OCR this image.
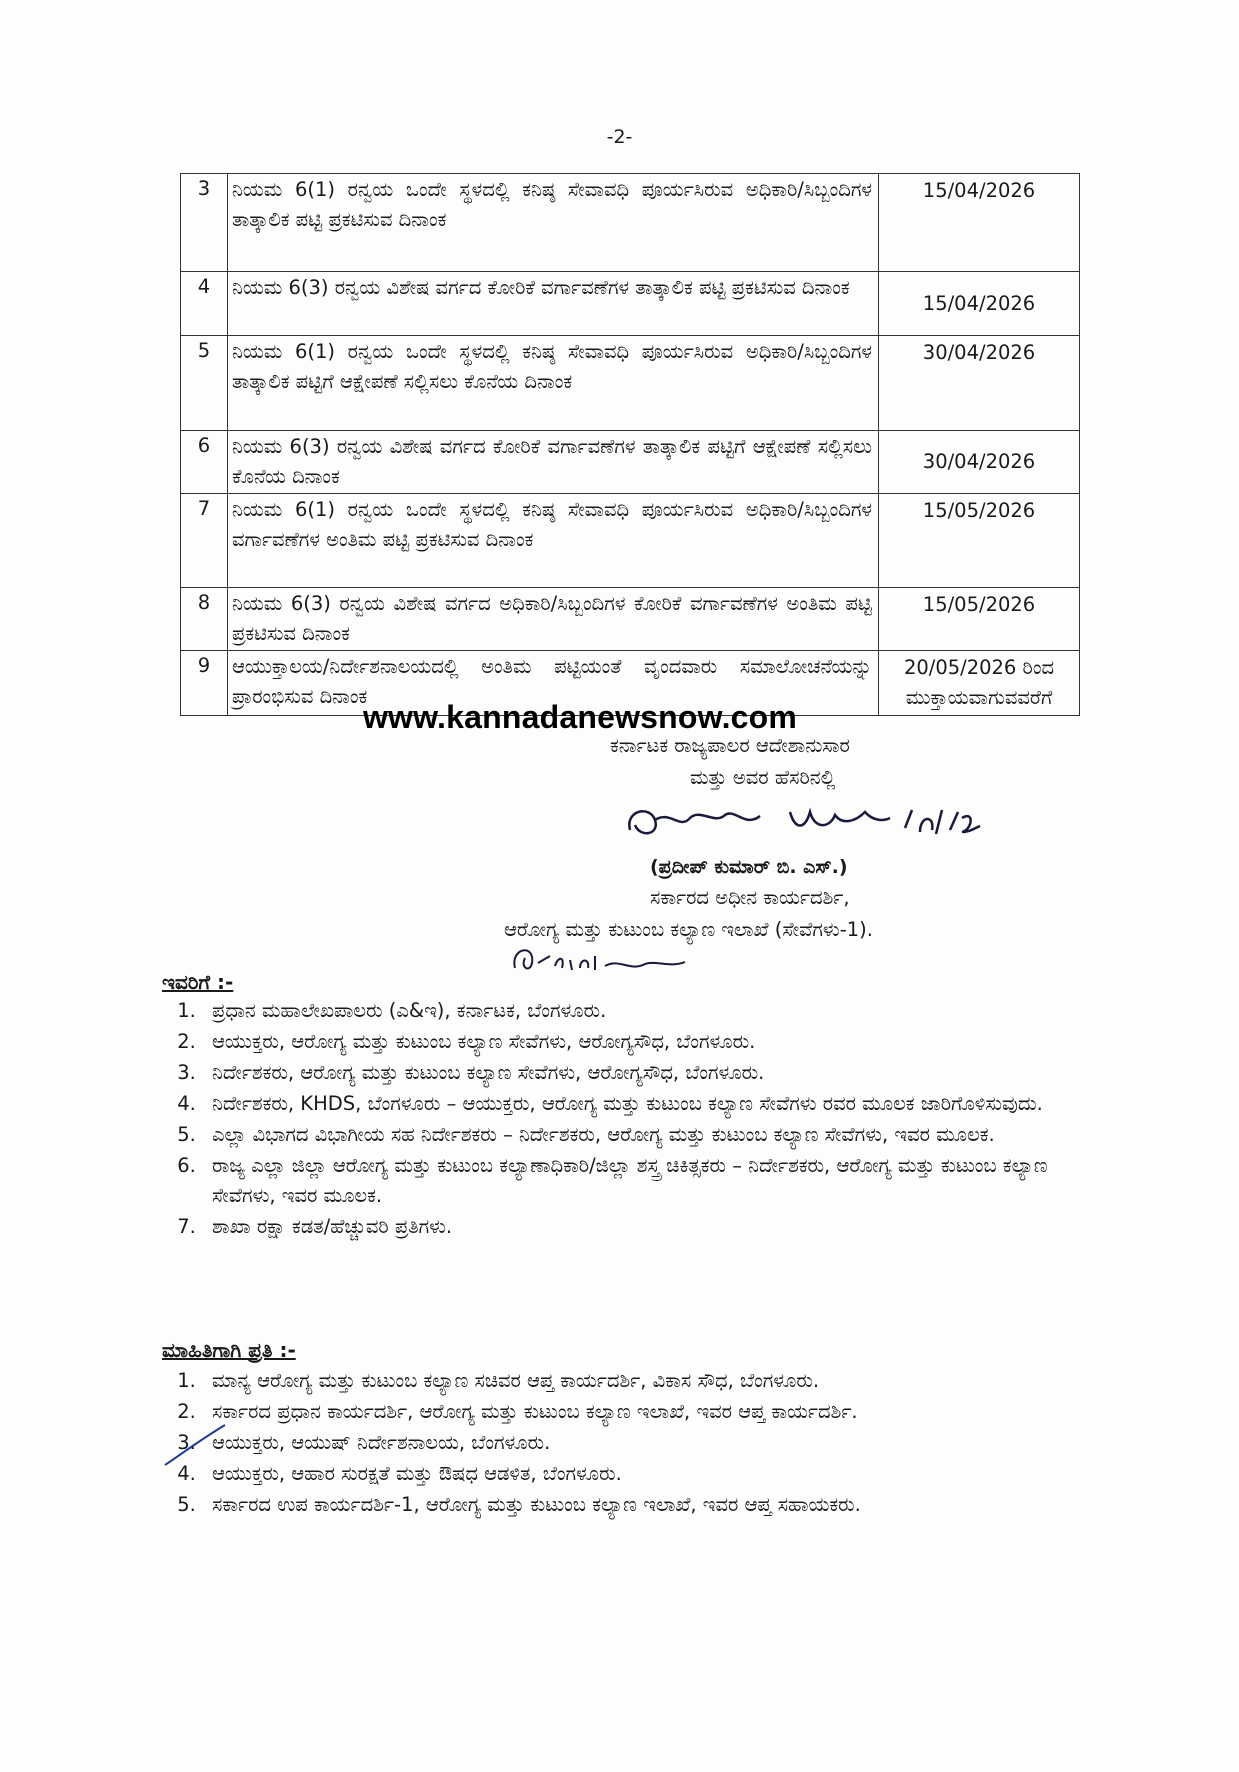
-2-
3	ನಿಯಮ 6(1) ರನ್ವಯ ಒಂದೇ ಸ್ಥಳದಲ್ಲಿ ಕನಿಷ್ಠ ಸೇವಾವಧಿ ಪೂರ್ಯಸಿರುವ ಅಧಿಕಾರಿ/ಸಿಬ್ಬಂದಿಗಳ ತಾತ್ಕಾಲಿಕ ಪಟ್ಟಿ ಪ್ರಕಟಿಸುವ ದಿನಾಂಕ	15/04/2026
4	ನಿಯಮ 6(3) ರನ್ವಯ ವಿಶೇಷ ವರ್ಗದ ಕೋರಿಕೆ ವರ್ಗಾವಣೆಗಳ ತಾತ್ಕಾಲಿಕ ಪಟ್ಟಿ ಪ್ರಕಟಿಸುವ ದಿನಾಂಕ	15/04/2026
5	ನಿಯಮ 6(1) ರನ್ವಯ ಒಂದೇ ಸ್ಥಳದಲ್ಲಿ ಕನಿಷ್ಠ ಸೇವಾವಧಿ ಪೂರ್ಯಸಿರುವ ಅಧಿಕಾರಿ/ಸಿಬ್ಬಂದಿಗಳ ತಾತ್ಕಾಲಿಕ ಪಟ್ಟಿಗೆ ಆಕ್ಷೇಪಣೆ ಸಲ್ಲಿಸಲು ಕೊನೆಯ ದಿನಾಂಕ	30/04/2026
6	ನಿಯಮ 6(3) ರನ್ವಯ ವಿಶೇಷ ವರ್ಗದ ಕೋರಿಕೆ ವರ್ಗಾವಣೆಗಳ ತಾತ್ಕಾಲಿಕ ಪಟ್ಟಿಗೆ ಆಕ್ಷೇಪಣೆ ಸಲ್ಲಿಸಲು ಕೊನೆಯ ದಿನಾಂಕ	30/04/2026
7	ನಿಯಮ 6(1) ರನ್ವಯ ಒಂದೇ ಸ್ಥಳದಲ್ಲಿ ಕನಿಷ್ಠ ಸೇವಾವಧಿ ಪೂರ್ಯಸಿರುವ ಅಧಿಕಾರಿ/ಸಿಬ್ಬಂದಿಗಳ ವರ್ಗಾವಣೆಗಳ ಅಂತಿಮ ಪಟ್ಟಿ ಪ್ರಕಟಿಸುವ ದಿನಾಂಕ	15/05/2026
8	ನಿಯಮ 6(3) ರನ್ವಯ ವಿಶೇಷ ವರ್ಗದ ಅಧಿಕಾರಿ/ಸಿಬ್ಬಂದಿಗಳ ಕೋರಿಕೆ ವರ್ಗಾವಣೆಗಳ ಅಂತಿಮ ಪಟ್ಟಿ ಪ್ರಕಟಿಸುವ ದಿನಾಂಕ	15/05/2026
9	ಆಯುಕ್ತಾಲಯ/ನಿರ್ದೇಶನಾಲಯದಲ್ಲಿ ಅಂತಿಮ ಪಟ್ಟಿಯಂತೆ ವೃಂದವಾರು ಸಮಾಲೋಚನೆಯನ್ನು ಪ್ರಾರಂಭಿಸುವ ದಿನಾಂಕ	20/05/2026 ರಿಂದ ಮುಕ್ತಾಯವಾಗುವವರೆಗೆ
www.kannadanewsnow.com
ಕರ್ನಾಟಕ ರಾಜ್ಯಪಾಲರ ಆದೇಶಾನುಸಾರ
ಮತ್ತು ಅವರ ಹೆಸರಿನಲ್ಲಿ
(ಪ್ರದೀಪ್ ಕುಮಾರ್ ಬಿ. ಎಸ್.)
ಸರ್ಕಾರದ ಅಧೀನ ಕಾರ್ಯದರ್ಶಿ,
ಆರೋಗ್ಯ ಮತ್ತು ಕುಟುಂಬ ಕಲ್ಯಾಣ ಇಲಾಖೆ (ಸೇವೆಗಳು-1).
ಇವರಿಗೆ :-
1. ಪ್ರಧಾನ ಮಹಾಲೇಖಪಾಲರು (ಎ&ಇ), ಕರ್ನಾಟಕ, ಬೆಂಗಳೂರು.
2. ಆಯುಕ್ತರು, ಆರೋಗ್ಯ ಮತ್ತು ಕುಟುಂಬ ಕಲ್ಯಾಣ ಸೇವೆಗಳು, ಆರೋಗ್ಯಸೌಧ, ಬೆಂಗಳೂರು.
3. ನಿರ್ದೇಶಕರು, ಆರೋಗ್ಯ ಮತ್ತು ಕುಟುಂಬ ಕಲ್ಯಾಣ ಸೇವೆಗಳು, ಆರೋಗ್ಯಸೌಧ, ಬೆಂಗಳೂರು.
4. ನಿರ್ದೇಶಕರು, KHDS, ಬೆಂಗಳೂರು – ಆಯುಕ್ತರು, ಆರೋಗ್ಯ ಮತ್ತು ಕುಟುಂಬ ಕಲ್ಯಾಣ ಸೇವೆಗಳು ರವರ ಮೂಲಕ ಜಾರಿಗೊಳಿಸುವುದು.
5. ಎಲ್ಲಾ ವಿಭಾಗದ ವಿಭಾಗೀಯ ಸಹ ನಿರ್ದೇಶಕರು – ನಿರ್ದೇಶಕರು, ಆರೋಗ್ಯ ಮತ್ತು ಕುಟುಂಬ ಕಲ್ಯಾಣ ಸೇವೆಗಳು, ಇವರ ಮೂಲಕ.
6. ರಾಜ್ಯ ಎಲ್ಲಾ ಜಿಲ್ಲಾ ಆರೋಗ್ಯ ಮತ್ತು ಕುಟುಂಬ ಕಲ್ಯಾಣಾಧಿಕಾರಿ/ಜಿಲ್ಲಾ ಶಸ್ತ್ರ ಚಿಕಿತ್ಸಕರು – ನಿರ್ದೇಶಕರು, ಆರೋಗ್ಯ ಮತ್ತು ಕುಟುಂಬ ಕಲ್ಯಾಣ ಸೇವೆಗಳು, ಇವರ ಮೂಲಕ.
7. ಶಾಖಾ ರಕ್ಷಾ ಕಡತ/ಹೆಚ್ಚುವರಿ ಪ್ರತಿಗಳು.
ಮಾಹಿತಿಗಾಗಿ ಪ್ರತಿ :-
1. ಮಾನ್ಯ ಆರೋಗ್ಯ ಮತ್ತು ಕುಟುಂಬ ಕಲ್ಯಾಣ ಸಚಿವರ ಆಪ್ತ ಕಾರ್ಯದರ್ಶಿ, ವಿಕಾಸ ಸೌಧ, ಬೆಂಗಳೂರು.
2. ಸರ್ಕಾರದ ಪ್ರಧಾನ ಕಾರ್ಯದರ್ಶಿ, ಆರೋಗ್ಯ ಮತ್ತು ಕುಟುಂಬ ಕಲ್ಯಾಣ ಇಲಾಖೆ, ಇವರ ಆಪ್ತ ಕಾರ್ಯದರ್ಶಿ.
3. ಆಯುಕ್ತರು, ಆಯುಷ್ ನಿರ್ದೇಶನಾಲಯ, ಬೆಂಗಳೂರು.
4. ಆಯುಕ್ತರು, ಆಹಾರ ಸುರಕ್ಷತೆ ಮತ್ತು ಔಷಧ ಆಡಳಿತ, ಬೆಂಗಳೂರು.
5. ಸರ್ಕಾರದ ಉಪ ಕಾರ್ಯದರ್ಶಿ-1, ಆರೋಗ್ಯ ಮತ್ತು ಕುಟುಂಬ ಕಲ್ಯಾಣ ಇಲಾಖೆ, ಇವರ ಆಪ್ತ ಸಹಾಯಕರು.
